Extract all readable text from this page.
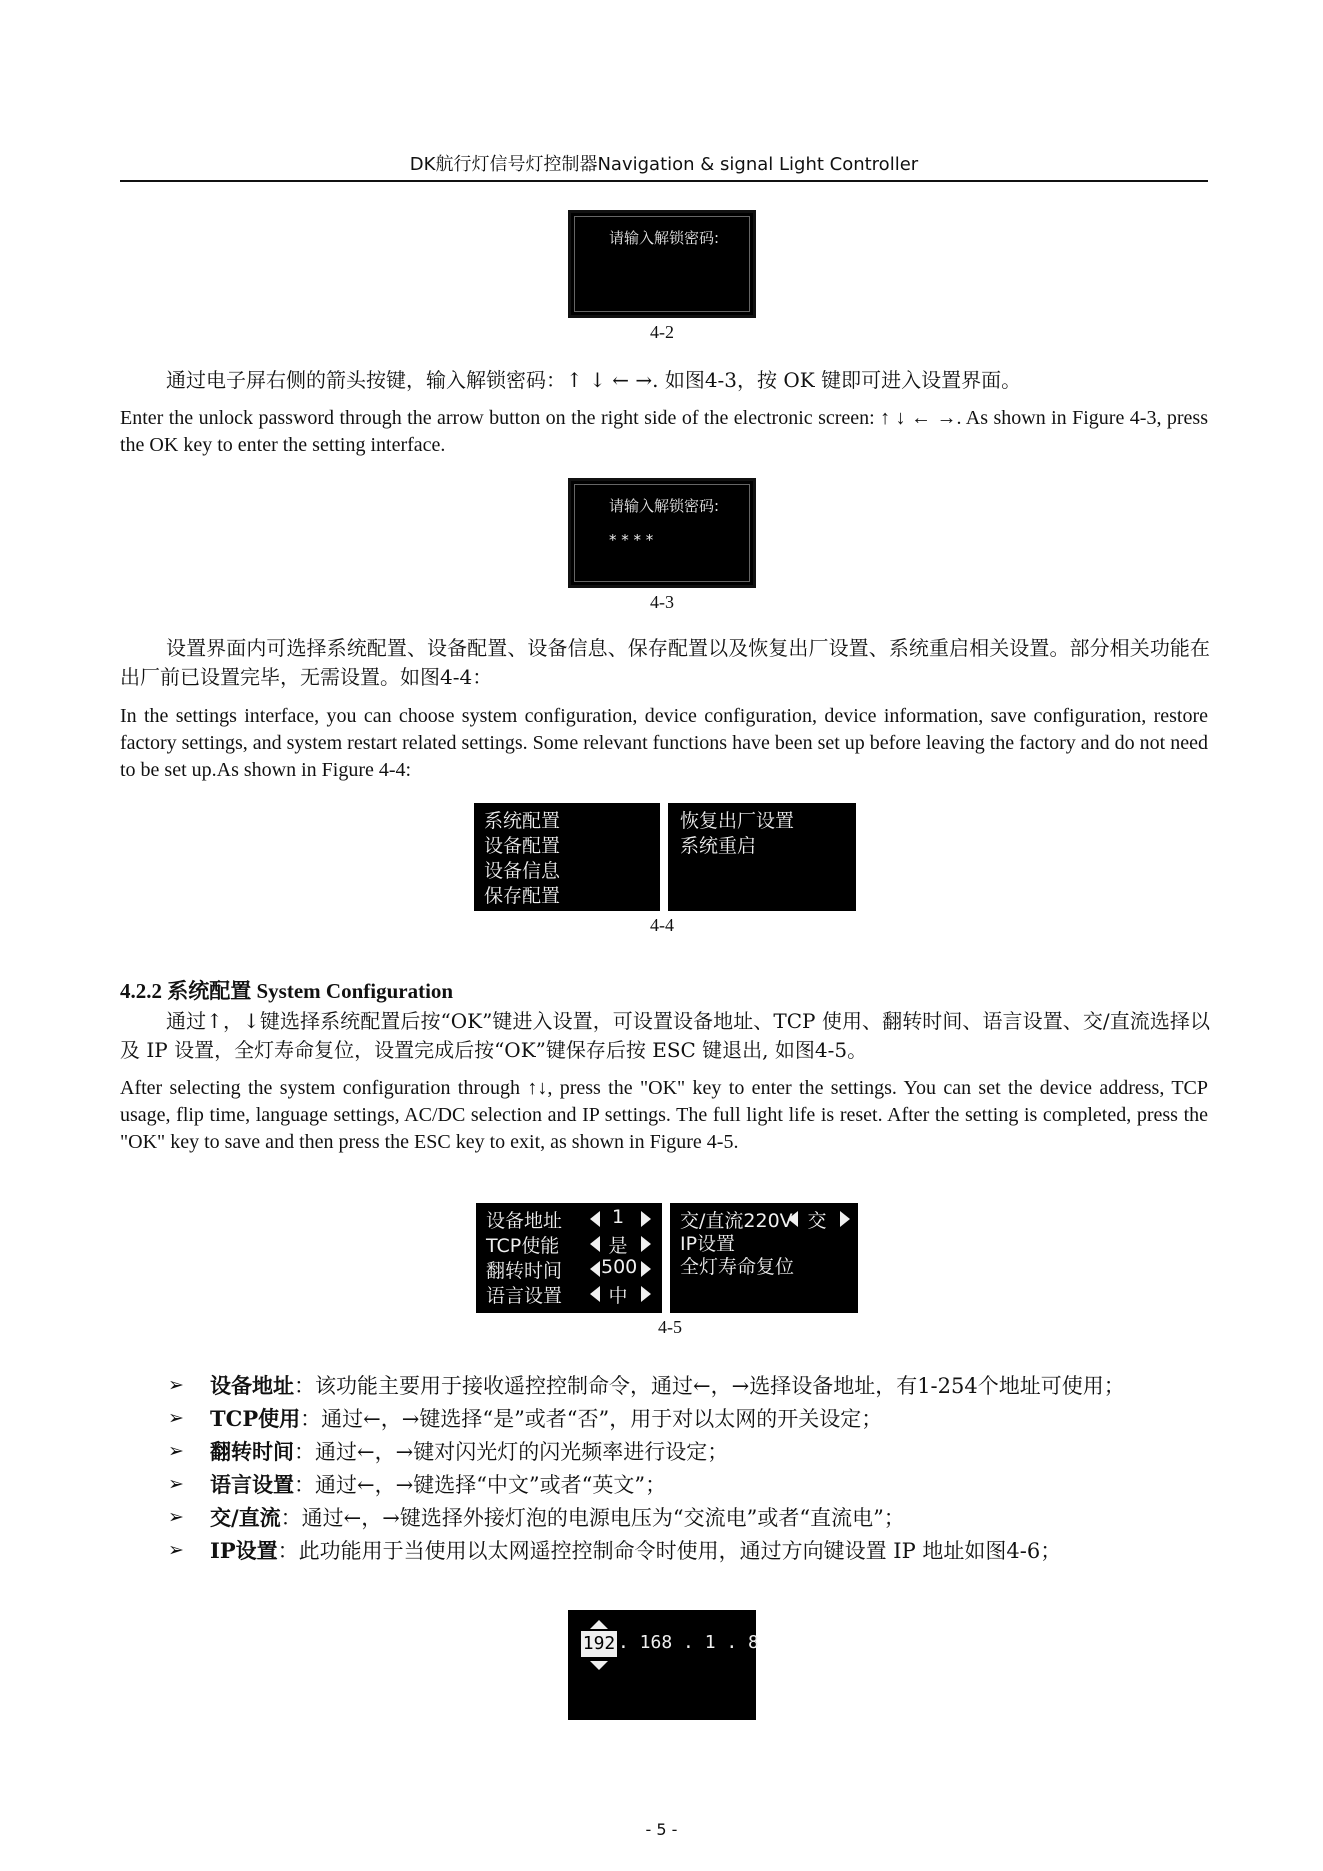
DK航行灯信号灯控制器Navigation & signal Light Controller
请输入解锁密码:
4-2
通过电子屏右侧的箭头按键，输入解锁密码：↑ ↓ ← →. 如图4-3，按 OK 键即可进入设置界面。
Enter the unlock password through the arrow button on the right side of the electronic screen: ↑ ↓ ← →. As shown in Figure 4-3, press the OK key to enter the setting interface.
请输入解锁密码:
* * * *
4-3
设置界面内可选择系统配置、设备配置、设备信息、保存配置以及恢复出厂设置、系统重启相关设置。部分相关功能在出厂前已设置完毕，无需设置。如图4-4：
In the settings interface, you can choose system configuration, device configuration, device information, save configuration, restore factory settings, and system restart related settings. Some relevant functions have been set up before leaving the factory and do not need to be set up.As shown in Figure 4-4:
系统配置
设备配置
设备信息
保存配置
恢复出厂设置
系统重启
4-4
4.2.2 系统配置 System Configuration
通过↑，↓键选择系统配置后按“OK”键进入设置，可设置设备地址、TCP 使用、翻转时间、语言设置、交/直流选择以及 IP 设置，全灯寿命复位，设置完成后按“OK”键保存后按 ESC 键退出, 如图4-5。
After selecting the system configuration through ↑↓, press the "OK" key to enter the settings. You can set the device address, TCP usage, flip time, language settings, AC/DC selection and IP settings. The full light life is reset. After the setting is completed, press the "OK" key to save and then press the ESC key to exit, as shown in Figure 4-5.
设备地址	1
TCP使能	是
翻转时间 500
语言设置	中
交/直流220V 交
IP设置
全灯寿命复位
4-5
➢ 设备地址：该功能主要用于接收遥控控制命令，通过←，→选择设备地址，有1-254个地址可使用；
➢ TCP使用：通过←，→键选择“是”或者“否”，用于对以太网的开关设定；
➢ 翻转时间：通过←，→键对闪光灯的闪光频率进行设定；
➢ 语言设置：通过←，→键选择“中文”或者“英文”；
➢ 交/直流：通过←，→键选择外接灯泡的电源电压为“交流电”或者“直流电”；
➢ IP设置：此功能用于当使用以太网遥控控制命令时使用，通过方向键设置 IP 地址如图4-6；
192 . 168 . 1 . 8
- 5 -
